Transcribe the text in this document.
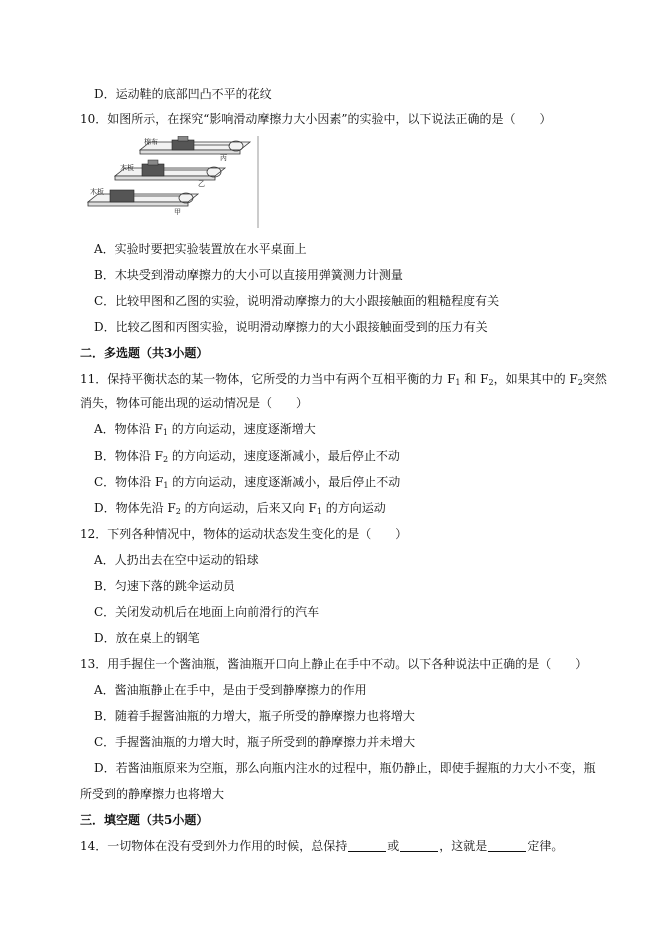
D．运动鞋的底部凹凸不平的花纹
10．如图所示，在探究“影响滑动摩擦力大小因素”的实验中，以下说法正确的是（　　）
棉布
木板
木板
丙
乙
甲
A．实验时要把实验装置放在水平桌面上
B．木块受到滑动摩擦力的大小可以直接用弹簧测力计测量
C．比较甲图和乙图的实验，说明滑动摩擦力的大小跟接触面的粗糙程度有关
D．比较乙图和丙图实验，说明滑动摩擦力的大小跟接触面受到的压力有关
二．多选题（共3小题）
11．保持平衡状态的某一物体，它所受的力当中有两个互相平衡的力 $F_1$ 和 $F_2$，如果其中的 $F_2$突然
消失，物体可能出现的运动情况是（　　）
A．物体沿 $F_1$ 的方向运动，速度逐渐增大
B．物体沿 $F_2$ 的方向运动，速度逐渐减小，最后停止不动
C．物体沿 $F_1$ 的方向运动，速度逐渐减小，最后停止不动
D．物体先沿 $F_2$ 的方向运动，后来又向 $F_1$ 的方向运动
12．下列各种情况中，物体的运动状态发生变化的是（　　）
A．人扔出去在空中运动的铅球
B．匀速下落的跳伞运动员
C．关闭发动机后在地面上向前滑行的汽车
D．放在桌上的钢笔
13．用手握住一个酱油瓶，酱油瓶开口向上静止在手中不动。以下各种说法中正确的是（　　）
A．酱油瓶静止在手中，是由于受到静摩擦力的作用
B．随着手握酱油瓶的力增大，瓶子所受的静摩擦力也将增大
C．手握酱油瓶的力增大时，瓶子所受到的静摩擦力并未增大
D．若酱油瓶原来为空瓶，那么向瓶内注水的过程中，瓶仍静止，即使手握瓶的力大小不变，瓶
所受到的静摩擦力也将增大
三．填空题（共5小题）
14．一切物体在没有受到外力作用的时候，总保持	或	，这就是	定律。
